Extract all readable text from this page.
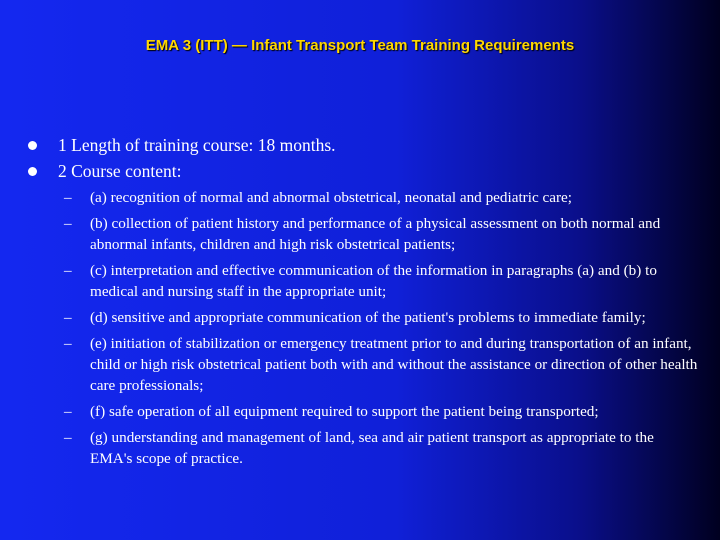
EMA 3 (ITT) — Infant Transport Team Training Requirements
1 Length of training course: 18 months.
2 Course content:
– (a) recognition of normal and abnormal obstetrical, neonatal and pediatric care;
– (b) collection of patient history and performance of a physical assessment on both normal and abnormal infants, children and high risk obstetrical patients;
– (c) interpretation and effective communication of the information in paragraphs (a) and (b) to medical and nursing staff in the appropriate unit;
– (d) sensitive and appropriate communication of the patient's problems to immediate family;
– (e) initiation of stabilization or emergency treatment prior to and during transportation of an infant, child or high risk obstetrical patient both with and without the assistance or direction of other health care professionals;
– (f) safe operation of all equipment required to support the patient being transported;
– (g) understanding and management of land, sea and air patient transport as appropriate to the EMA's scope of practice.
